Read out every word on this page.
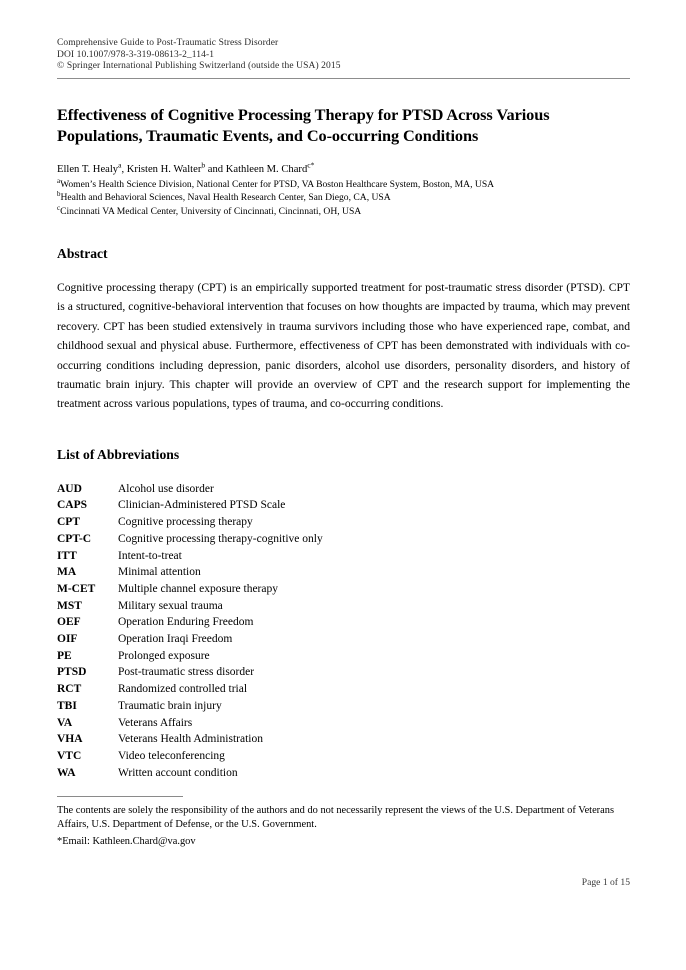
Comprehensive Guide to Post-Traumatic Stress Disorder
DOI 10.1007/978-3-319-08613-2_114-1
© Springer International Publishing Switzerland (outside the USA) 2015
Effectiveness of Cognitive Processing Therapy for PTSD Across Various Populations, Traumatic Events, and Co-occurring Conditions
Ellen T. Healy$^a$, Kristen H. Walter$^b$ and Kathleen M. Chard$^{c*}$
$^a$Women’s Health Science Division, National Center for PTSD, VA Boston Healthcare System, Boston, MA, USA
$^b$Health and Behavioral Sciences, Naval Health Research Center, San Diego, CA, USA
$^c$Cincinnati VA Medical Center, University of Cincinnati, Cincinnati, OH, USA
Abstract

Cognitive processing therapy (CPT) is an empirically supported treatment for post-traumatic stress disorder (PTSD). CPT is a structured, cognitive-behavioral intervention that focuses on how thoughts are impacted by trauma, which may prevent recovery. CPT has been studied extensively in trauma survivors including those who have experienced rape, combat, and childhood sexual and physical abuse. Furthermore, effectiveness of CPT has been demonstrated with individuals with co-occurring conditions including depression, panic disorders, alcohol use disorders, personality disorders, and history of traumatic brain injury. This chapter will provide an overview of CPT and the research support for implementing the treatment across various populations, types of trauma, and co-occurring conditions.

List of Abbreviations
AUD	Alcohol use disorder
CAPS	Clinician-Administered PTSD Scale
CPT	Cognitive processing therapy
CPT-C	Cognitive processing therapy-cognitive only
ITT	Intent-to-treat
MA	Minimal attention
M-CET	Multiple channel exposure therapy
MST	Military sexual trauma
OEF	Operation Enduring Freedom
OIF	Operation Iraqi Freedom
PE	Prolonged exposure
PTSD	Post-traumatic stress disorder
RCT	Randomized controlled trial
TBI	Traumatic brain injury
VA	Veterans Affairs
VHA	Veterans Health Administration
VTC	Video teleconferencing
WA	Written account condition
The contents are solely the responsibility of the authors and do not necessarily represent the views of the U.S. Department of Veterans Affairs, U.S. Department of Defense, or the U.S. Government.
*Email: Kathleen.Chard@va.gov
Page 1 of 15
